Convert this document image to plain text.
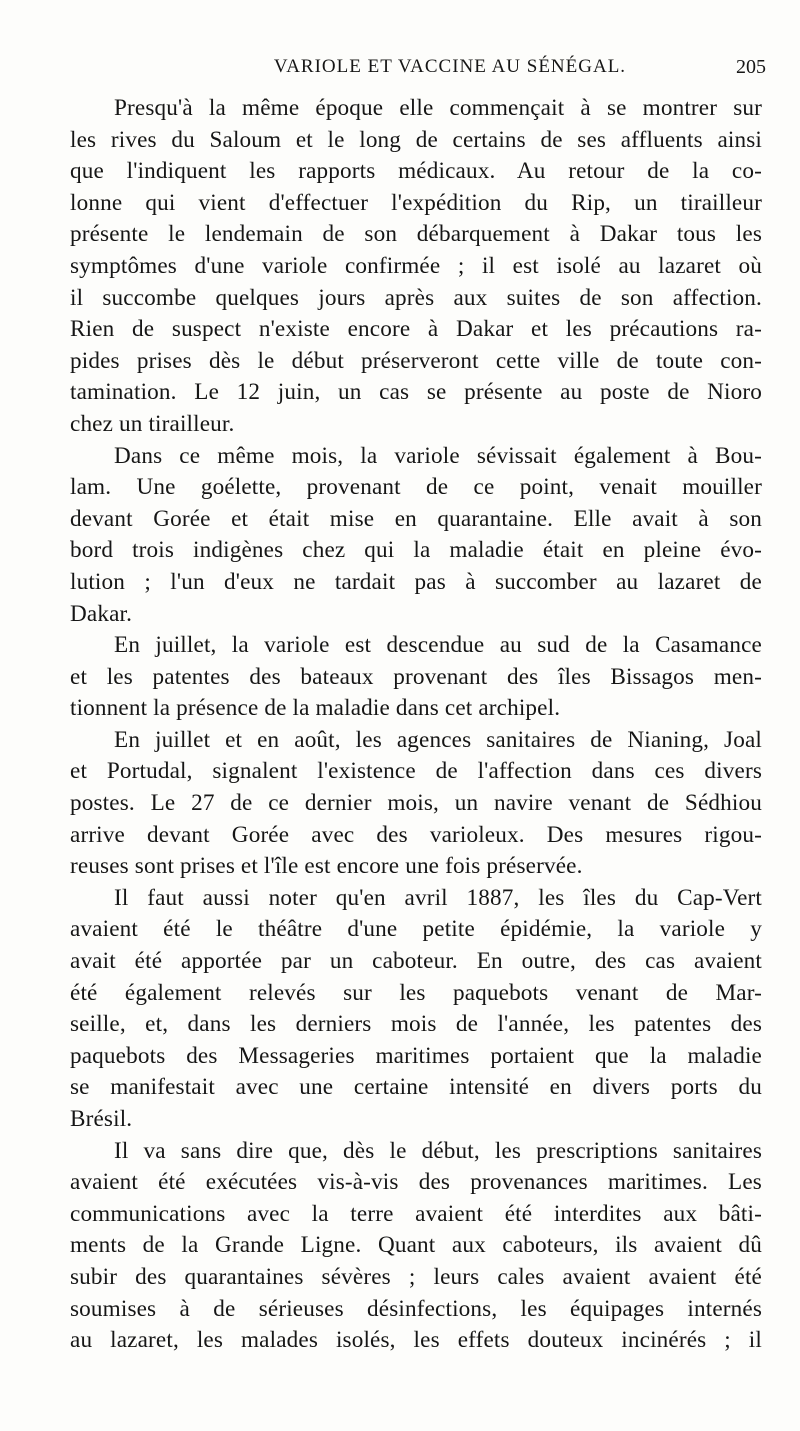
VARIOLE ET VACCINE AU SÉNÉGAL.	205

Presqu'à la même époque elle commençait à se montrer sur
les rives du Saloum et le long de certains de ses affluents ainsi
que l'indiquent les rapports médicaux. Au retour de la co-
lonne qui vient d'effectuer l'expédition du Rip, un tirailleur
présente le lendemain de son débarquement à Dakar tous les
symptômes d'une variole confirmée ; il est isolé au lazaret où
il succombe quelques jours après aux suites de son affection.
Rien de suspect n'existe encore à Dakar et les précautions ra-
pides prises dès le début préserveront cette ville de toute con-
tamination. Le 12 juin, un cas se présente au poste de Nioro
chez un tirailleur.

Dans ce même mois, la variole sévissait également à Bou-
lam. Une goélette, provenant de ce point, venait mouiller
devant Gorée et était mise en quarantaine. Elle avait à son
bord trois indigènes chez qui la maladie était en pleine évo-
lution ; l'un d'eux ne tardait pas à succomber au lazaret de
Dakar.

En juillet, la variole est descendue au sud de la Casamance
et les patentes des bateaux provenant des îles Bissagos men-
tionnent la présence de la maladie dans cet archipel.

En juillet et en août, les agences sanitaires de Nianing, Joal
et Portudal, signalent l'existence de l'affection dans ces divers
postes. Le 27 de ce dernier mois, un navire venant de Sédhiou
arrive devant Gorée avec des varioleux. Des mesures rigou-
reuses sont prises et l'île est encore une fois préservée.

Il faut aussi noter qu'en avril 1887, les îles du Cap-Vert
avaient été le théâtre d'une petite épidémie, la variole y
avait été apportée par un caboteur. En outre, des cas avaient
été également relevés sur les paquebots venant de Mar-
seille, et, dans les derniers mois de l'année, les patentes des
paquebots des Messageries maritimes portaient que la maladie
se manifestait avec une certaine intensité en divers ports du
Brésil.

Il va sans dire que, dès le début, les prescriptions sanitaires
avaient été exécutées vis-à-vis des provenances maritimes. Les
communications avec la terre avaient été interdites aux bâti-
ments de la Grande Ligne. Quant aux caboteurs, ils avaient dû
subir des quarantaines sévères ; leurs cales avaient avaient été
soumises à de sérieuses désinfections, les équipages internés
au lazaret, les malades isolés, les effets douteux incinérés ; il
